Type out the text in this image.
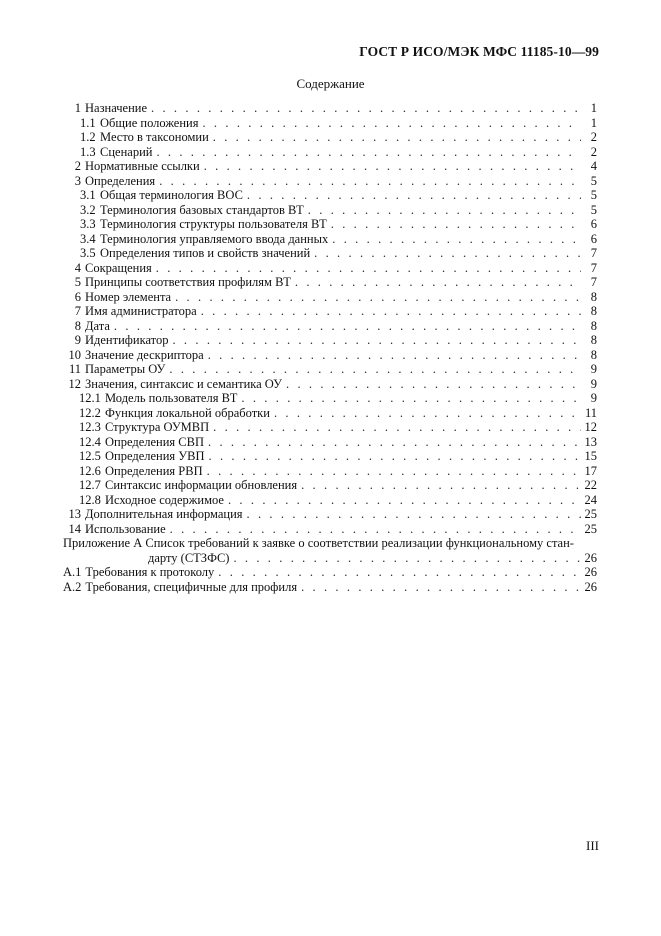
ГОСТ Р ИСО/МЭК МФС 11185-10—99
Содержание
1 Назначение . . .	1
1.1 Общие положения . . .	1
1.2 Место в таксономии . . .	2
1.3 Сценарий . . .	2
2 Нормативные ссылки . . .	4
3 Определения . . .	5
3.1 Общая терминология ВОС . . .	5
3.2 Терминология базовых стандартов ВТ . . .	5
3.3 Терминология структуры пользователя ВТ . . .	6
3.4 Терминология управляемого ввода данных . . .	6
3.5 Определения типов и свойств значений . . .	7
4 Сокращения . . .	7
5 Принципы соответствия профилям ВТ . . .	7
6 Номер элемента . . .	8
7 Имя администратора . . .	8
8 Дата . . .	8
9 Идентификатор . . .	8
10 Значение дескриптора . . .	8
11 Параметры ОУ . . .	9
12 Значения, синтаксис и семантика ОУ . . .	9
12.1 Модель пользователя ВТ . . .	9
12.2 Функция локальной обработки . . .	11
12.3 Структура ОУМВП . . .	12
12.4 Определения СВП . . .	13
12.5 Определения УВП . . .	15
12.6 Определения РВП . . .	17
12.7 Синтаксис информации обновления . . .	22
12.8 Исходное содержимое . . .	24
13 Дополнительная информация . . .	25
14 Использование . . .	25
Приложение А Список требований к заявке о соответствии реализации функциональному стан-
дарту (СТЗФС) . . .	26
А.1 Требования к протоколу . . .	26
А.2 Требования, специфичные для профиля . . .	26
III
